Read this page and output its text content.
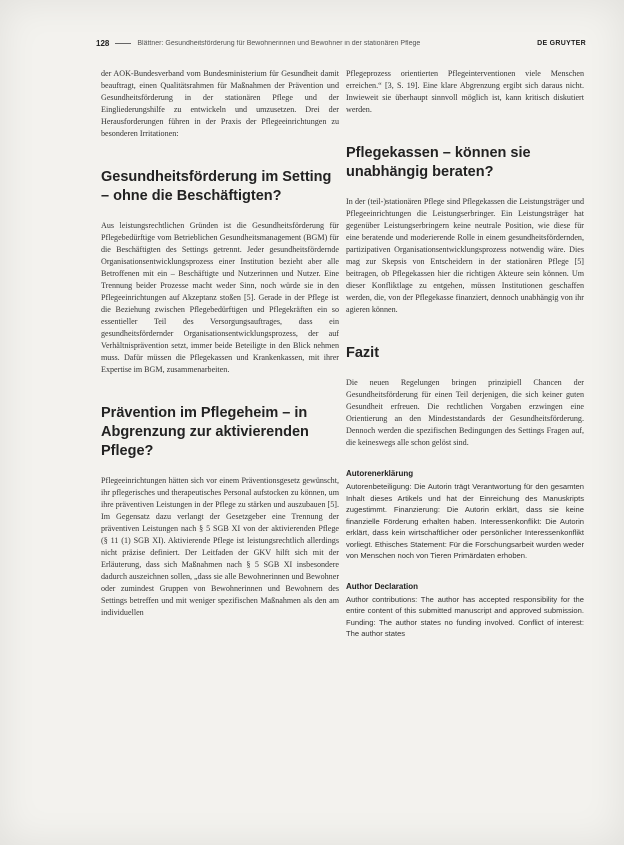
128	Blättner: Gesundheitsförderung für Bewohnerinnen und Bewohner in der stationären Pflege	DE GRUYTER

der AOK-Bundesverband vom Bundesministerium für Gesundheit damit beauftragt, einen Qualitätsrahmen für Maßnahmen der Prävention und Gesundheitsförderung in der stationären Pflege und der Eingliederungshilfe zu entwickeln und umzusetzen. Drei der Herausforderungen führen in der Praxis der Pflegeeinrichtungen zu besonderen Irritationen:

Gesundheitsförderung im Setting – ohne die Beschäftigten?

Aus leistungsrechtlichen Gründen ist die Gesundheitsförderung für Pflegebedürftige vom Betrieblichen Gesundheitsmanagement (BGM) für die Beschäftigten des Settings getrennt. Jeder gesundheitsfördernde Organisationsentwicklungsprozess einer Institution bezieht aber alle Betroffenen mit ein – Beschäftigte und Nutzerinnen und Nutzer. Eine Trennung beider Prozesse macht weder Sinn, noch würde sie in den Pflegeeinrichtungen auf Akzeptanz stoßen [5]. Gerade in der Pflege ist die Beziehung zwischen Pflegebedürftigen und Pflegekräften ein so essentieller Teil des Versorgungsauftrages, dass ein gesundheitsfördernder Organisationsentwicklungsprozess, der auf Verhältnisprävention setzt, immer beide Beteiligte in den Blick nehmen muss. Dafür müssen die Pflegekassen und Krankenkassen, mit ihrer Expertise im BGM, zusammenarbeiten.

Prävention im Pflegeheim – in Abgrenzung zur aktivierenden Pflege?

Pflegeeinrichtungen hätten sich vor einem Präventionsgesetz gewünscht, ihr pflegerisches und therapeutisches Personal aufstocken zu können, um ihre präventiven Leistungen in der Pflege zu stärken und auszubauen [5]. Im Gegensatz dazu verlangt der Gesetzgeber eine Trennung der präventiven Leistungen nach § 5 SGB XI von der aktivierenden Pflege (§ 11 (1) SGB XI). Aktivierende Pflege ist leistungsrechtlich allerdings nicht präzise definiert. Der Leitfaden der GKV hilft sich mit der Erläuterung, dass sich Maßnahmen nach § 5 SGB XI insbesondere dadurch auszeichnen sollen, „dass sie alle Bewohnerinnen und Bewohner oder zumindest Gruppen von Bewohnerinnen und Bewohnern des Settings betreffen und mit weniger spezifischen Maßnahmen als den am individuellen

Pflegeprozess orientierten Pflegeinterventionen viele Menschen erreichen.“ [3, S. 19]. Eine klare Abgrenzung ergibt sich daraus nicht. Inwieweit sie überhaupt sinnvoll möglich ist, kann kritisch diskutiert werden.

Pflegekassen – können sie unabhängig beraten?

In der (teil-)stationären Pflege sind Pflegekassen die Leistungsträger und Pflegeeinrichtungen die Leistungserbringer. Ein Leistungsträger hat gegenüber Leistungserbringern keine neutrale Position, wie diese für eine beratende und moderierende Rolle in einem gesundheitsfördernden, partizipativen Organisationsentwicklungsprozess notwendig wäre. Dies mag zur Skepsis von Entscheidern in der stationären Pflege [5] beitragen, ob Pflegekassen hier die richtigen Akteure sein können. Um dieser Konfliktlage zu entgehen, müssen Institutionen geschaffen werden, die, von der Pflegekasse finanziert, dennoch unabhängig von ihr agieren können.

Fazit

Die neuen Regelungen bringen prinzipiell Chancen der Gesundheitsförderung für einen Teil derjenigen, die sich keiner guten Gesundheit erfreuen. Die rechtlichen Vorgaben erzwingen eine Orientierung an den Mindeststandards der Gesundheitsförderung. Dennoch werden die spezifischen Bedingungen des Settings Fragen auf, die keineswegs alle schon gelöst sind.

Autorenerklärung

Autorenbeteiligung: Die Autorin trägt Verantwortung für den gesamten Inhalt dieses Artikels und hat der Einreichung des Manuskripts zugestimmt. Finanzierung: Die Autorin erklärt, dass sie keine finanzielle Förderung erhalten haben. Interessenkonflikt: Die Autorin erklärt, dass kein wirtschaftlicher oder persönlicher Interessenkonflikt vorliegt. Ethisches Statement: Für die Forschungsarbeit wurden weder von Menschen noch von Tieren Primärdaten erhoben.

Author Declaration

Author contributions: The author has accepted responsibility for the entire content of this submitted manuscript and approved submission. Funding: The author states no funding involved. Conflict of interest: The author states
